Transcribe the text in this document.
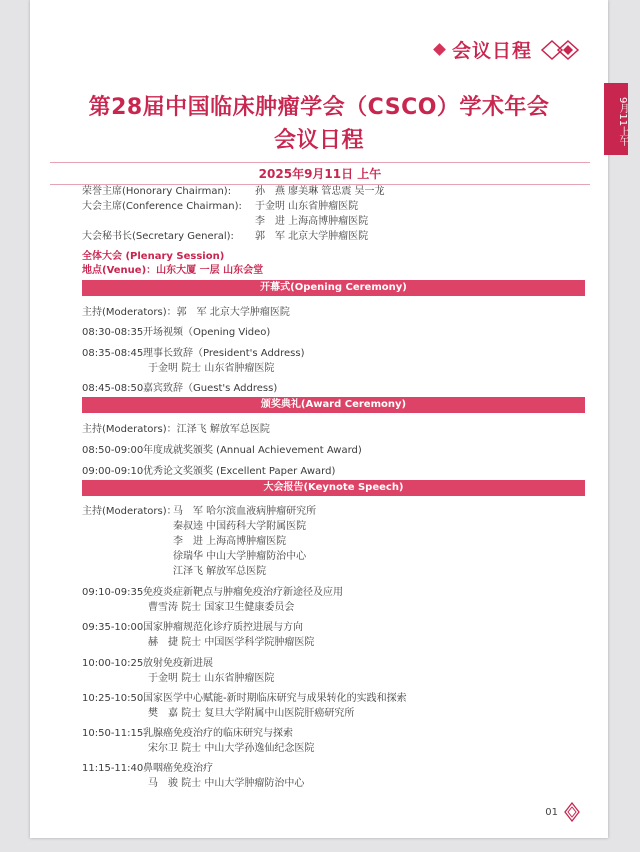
会议日程
9月11上午
第28届中国临床肿瘤学会（CSCO）学术年会
会议日程
2025年9月11日 上午
荣誉主席(Honorary Chairman): 孙　燕 廖美琳 管忠震 吴一龙
大会主席(Conference Chairman): 于金明 山东省肿瘤医院
李　进 上海高博肿瘤医院
大会秘书长(Secretary General): 郭　军 北京大学肿瘤医院
全体大会 (Plenary Session)
地点(Venue)：山东大厦 一层 山东会堂
开幕式(Opening Ceremony)
主持(Moderators)：郭　军 北京大学肿瘤医院
08:30-08:35开场视频（Opening Video)
08:35-08:45理事长致辞（President's Address)
于金明 院士 山东省肿瘤医院
08:45-08:50嘉宾致辞（Guest's Address)
颁奖典礼(Award Ceremony)
主持(Moderators)：江泽飞 解放军总医院
08:50-09:00年度成就奖颁奖 (Annual Achievement Award)
09:00-09:10优秀论文奖颁奖 (Excellent Paper Award)
大会报告(Keynote Speech)
主持(Moderators)：马　军 哈尔滨血液病肿瘤研究所
秦叔逵 中国药科大学附属医院
李　进 上海高博肿瘤医院
徐瑞华 中山大学肿瘤防治中心
江泽飞 解放军总医院
09:10-09:35免疫炎症新靶点与肿瘤免疫治疗新途径及应用
曹雪涛 院士 国家卫生健康委员会
09:35-10:00国家肿瘤规范化诊疗质控进展与方向
赫　捷 院士 中国医学科学院肿瘤医院
10:00-10:25放射免疫新进展
于金明 院士 山东省肿瘤医院
10:25-10:50国家医学中心赋能-新时期临床研究与成果转化的实践和探索
樊　嘉 院士 复旦大学附属中山医院肝癌研究所
10:50-11:15乳腺癌免疫治疗的临床研究与探索
宋尔卫 院士 中山大学孙逸仙纪念医院
11:15-11:40鼻咽癌免疫治疗
马　骏 院士 中山大学肿瘤防治中心
01
